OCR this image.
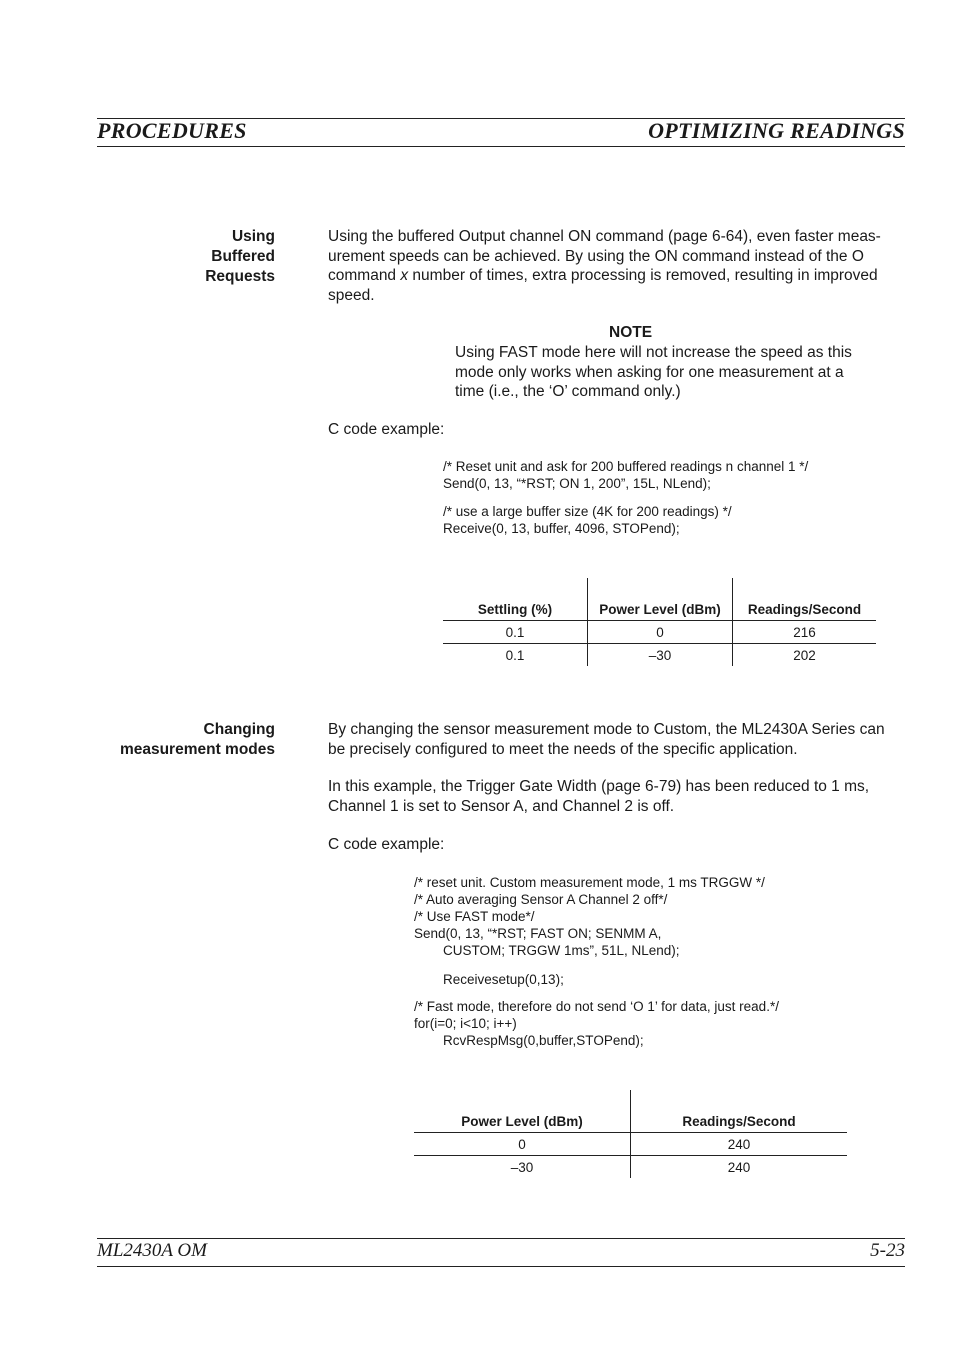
PROCEDURES	OPTIMIZING READINGS
Using
Buffered
Requests
Using the buffered Output channel ON command (page 6-64), even faster meas-
urement speeds can be achieved. By using the ON command instead of the O
command x number of times, extra processing is removed, resulting in improved
speed.
NOTE
Using FAST mode here will not increase the speed as this
mode only works when asking for one measurement at a
time (i.e., the ‘O’ command only.)
C code example:
/* Reset unit and ask for 200 buffered readings n channel 1 */
Send(0, 13, “*RST; ON 1, 200”, 15L, NLend);
/* use a large buffer size (4K for 200 readings) */
Receive(0, 13, buffer, 4096, STOPend);
Settling (%)	Power Level (dBm)	Readings/Second
0.1	0	216
0.1	–30	202
Changing
measurement modes
By changing the sensor measurement mode to Custom, the ML2430A Series can
be precisely configured to meet the needs of the specific application.
In this example, the Trigger Gate Width (page 6-79) has been reduced to 1 ms,
Channel 1 is set to Sensor A, and Channel 2 is off.
C code example:
/* reset unit. Custom measurement mode, 1 ms TRGGW */
/* Auto averaging Sensor A Channel 2 off*/
/* Use FAST mode*/
Send(0, 13, “*RST; FAST ON; SENMM A,
CUSTOM; TRGGW 1ms”, 51L, NLend);
Receivesetup(0,13);
/* Fast mode, therefore do not send ‘O 1’ for data, just read.*/
for(i=0; i<10; i++)
RcvRespMsg(0,buffer,STOPend);
Power Level (dBm)	Readings/Second
0	240
–30	240
ML2430A OM	5-23
